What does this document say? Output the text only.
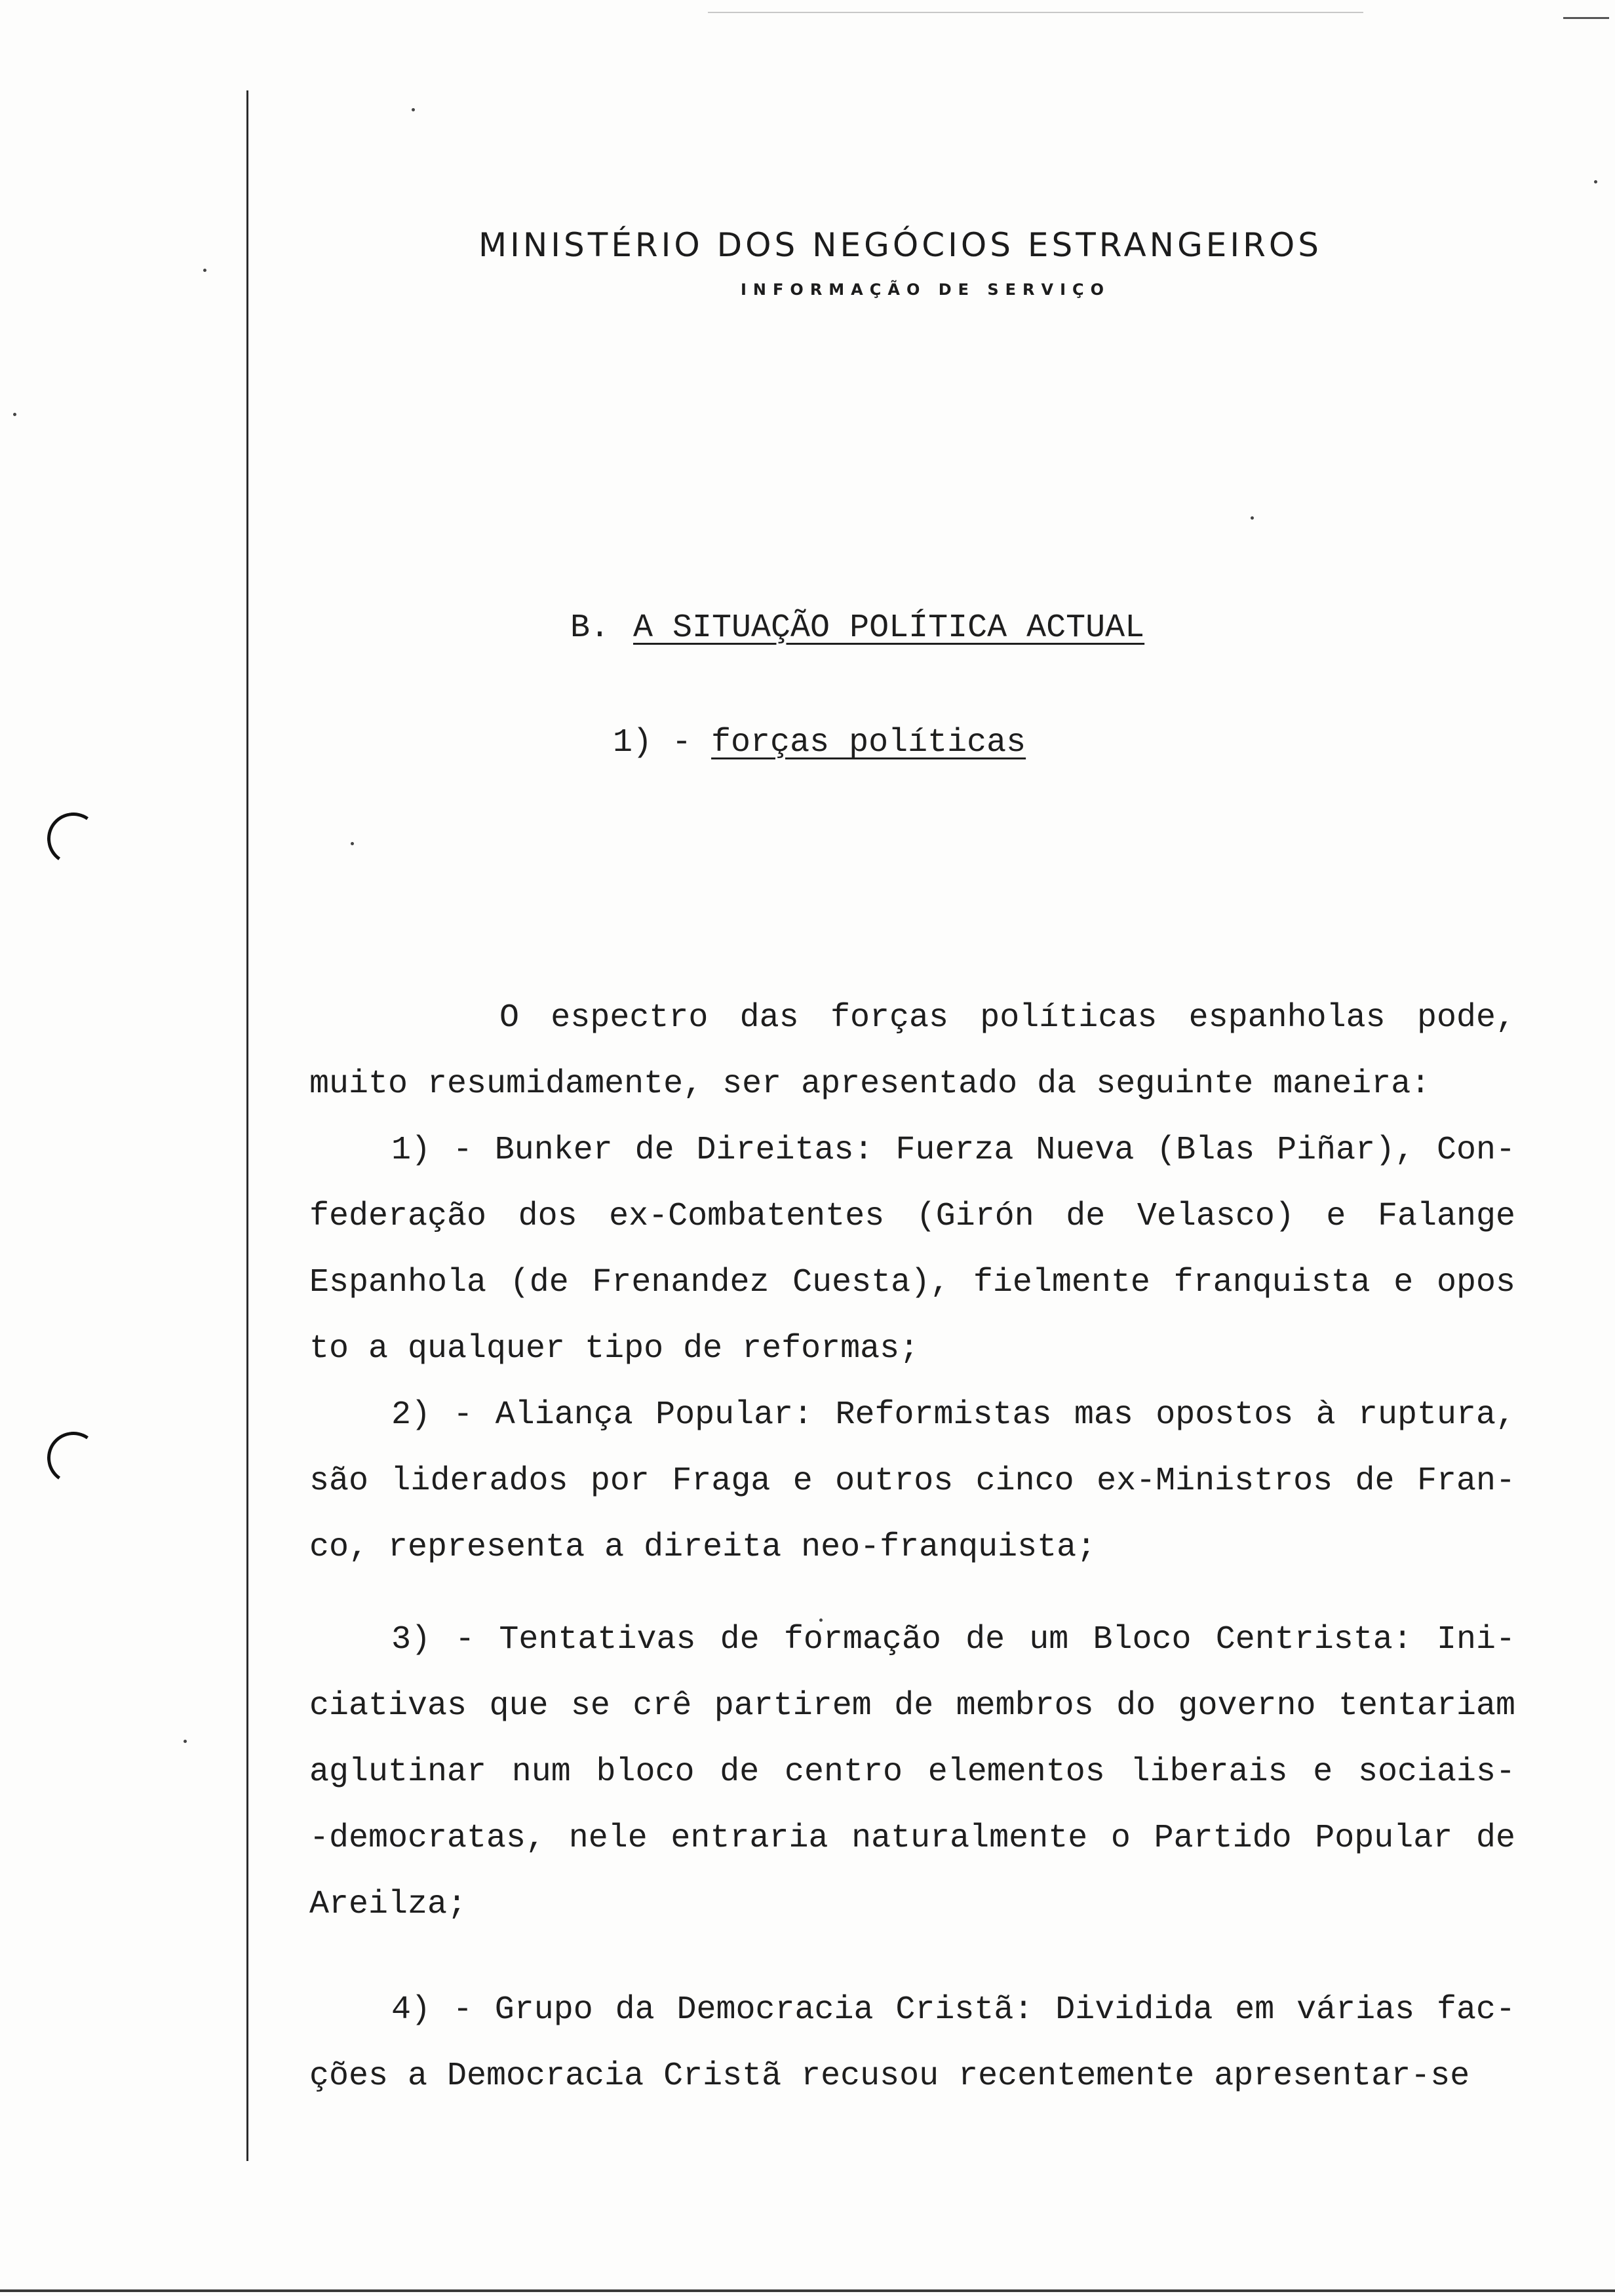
MINISTÉRIO DOS NEGÓCIOS ESTRANGEIROS
INFORMAÇÃO DE SERVIÇO
B. A SITUAÇÃO POLÍTICA ACTUAL
1) - forças políticas
O espectro das forças políticas espanholas pode,
muito resumidamente, ser apresentado da seguinte maneira:
1) - Bunker de Direitas: Fuerza Nueva (Blas Piñar), Con-
federação dos ex-Combatentes (Girón de Velasco) e Falange
Espanhola (de Frenandez Cuesta), fielmente franquista e opos
to a qualquer tipo de reformas;
2) - Aliança Popular: Reformistas mas opostos à ruptura,
são liderados por Fraga e outros cinco ex-Ministros de Fran-
co, representa a direita neo-franquista;
3) - Tentativas de formação de um Bloco Centrista: Ini-
ciativas que se crê partirem de membros do governo tentariam
aglutinar num bloco de centro elementos liberais e sociais-
-democratas, nele entraria naturalmente o Partido Popular de
Areilza;
4) - Grupo da Democracia Cristã: Dividida em várias fac-
ções a Democracia Cristã recusou recentemente apresentar-se
